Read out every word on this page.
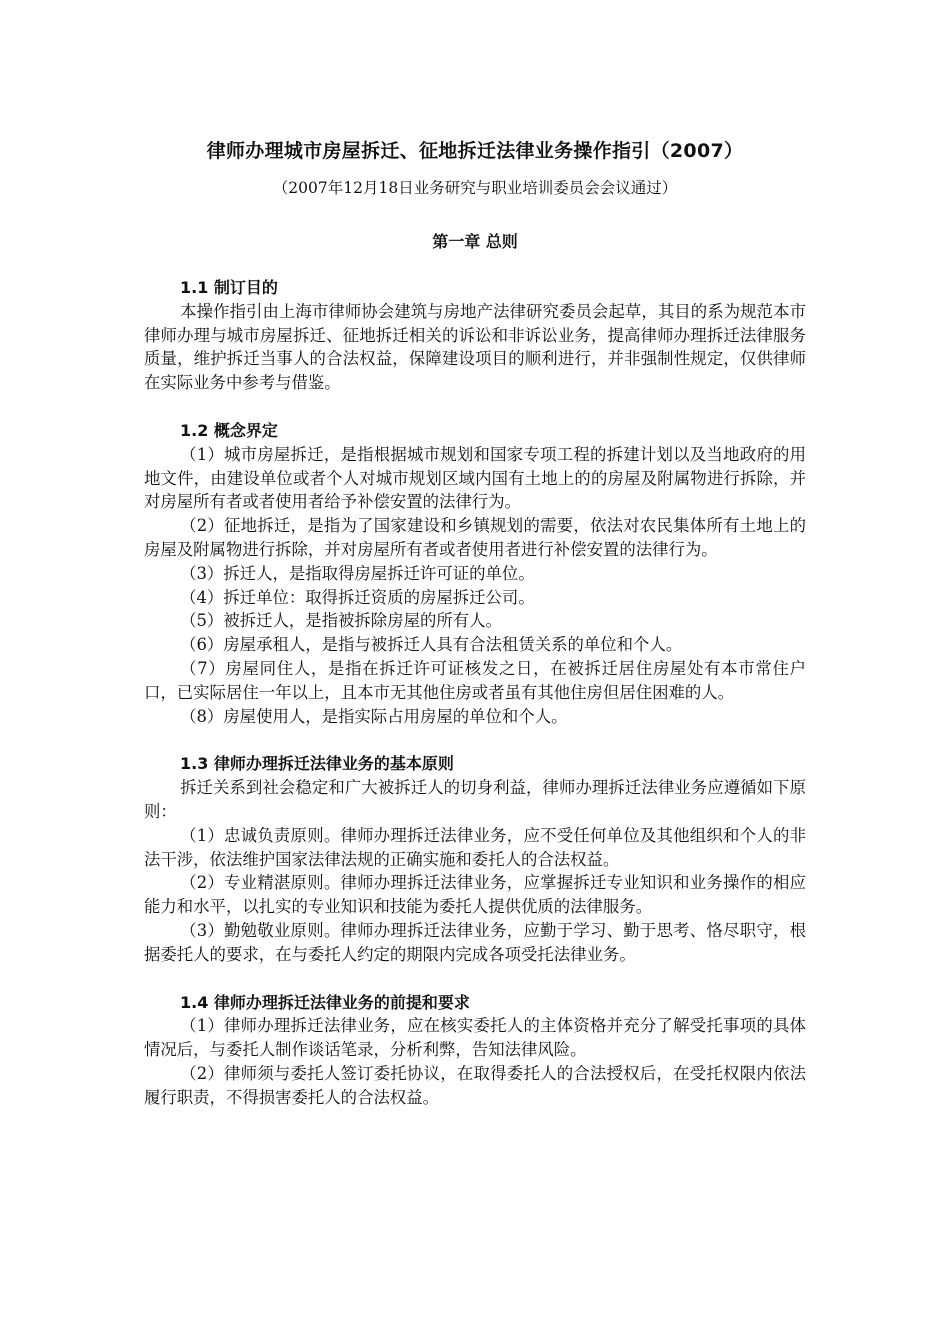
律师办理城市房屋拆迁、征地拆迁法律业务操作指引（2007）
（2007年12月18日业务研究与职业培训委员会会议通过）
第一章 总则

1.1 制订目的

本操作指引由上海市律师协会建筑与房地产法律研究委员会起草，其目的系为规范本市律师办理与城市房屋拆迁、征地拆迁相关的诉讼和非诉讼业务，提高律师办理拆迁法律服务质量，维护拆迁当事人的合法权益，保障建设项目的顺利进行，并非强制性规定，仅供律师在实际业务中参考与借鉴。

1.2 概念界定

（1）城市房屋拆迁，是指根据城市规划和国家专项工程的拆建计划以及当地政府的用地文件，由建设单位或者个人对城市规划区域内国有土地上的的房屋及附属物进行拆除，并对房屋所有者或者使用者给予补偿安置的法律行为。

（2）征地拆迁，是指为了国家建设和乡镇规划的需要，依法对农民集体所有土地上的房屋及附属物进行拆除，并对房屋所有者或者使用者进行补偿安置的法律行为。

（3）拆迁人，是指取得房屋拆迁许可证的单位。

（4）拆迁单位：取得拆迁资质的房屋拆迁公司。

（5）被拆迁人，是指被拆除房屋的所有人。

（6）房屋承租人，是指与被拆迁人具有合法租赁关系的单位和个人。

（7）房屋同住人，是指在拆迁许可证核发之日，在被拆迁居住房屋处有本市常住户口，已实际居住一年以上，且本市无其他住房或者虽有其他住房但居住困难的人。

（8）房屋使用人，是指实际占用房屋的单位和个人。

1.3 律师办理拆迁法律业务的基本原则

拆迁关系到社会稳定和广大被拆迁人的切身利益，律师办理拆迁法律业务应遵循如下原则：

（1）忠诚负责原则。律师办理拆迁法律业务，应不受任何单位及其他组织和个人的非法干涉，依法维护国家法律法规的正确实施和委托人的合法权益。

（2）专业精湛原则。律师办理拆迁法律业务，应掌握拆迁专业知识和业务操作的相应能力和水平，以扎实的专业知识和技能为委托人提供优质的法律服务。

（3）勤勉敬业原则。律师办理拆迁法律业务，应勤于学习、勤于思考、恪尽职守，根据委托人的要求，在与委托人约定的期限内完成各项受托法律业务。

1.4 律师办理拆迁法律业务的前提和要求

（1）律师办理拆迁法律业务，应在核实委托人的主体资格并充分了解受托事项的具体情况后，与委托人制作谈话笔录，分析利弊，告知法律风险。

（2）律师须与委托人签订委托协议，在取得委托人的合法授权后，在受托权限内依法履行职责，不得损害委托人的合法权益。
